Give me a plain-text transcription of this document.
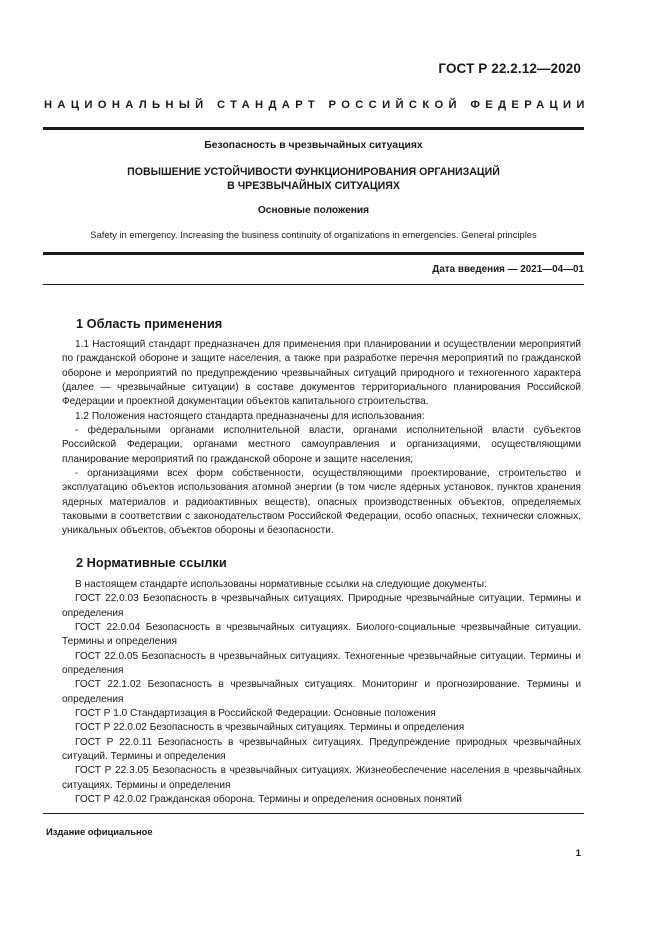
ГОСТ Р 22.2.12—2020
НАЦИОНАЛЬНЫЙ СТАНДАРТ РОССИЙСКОЙ ФЕДЕРАЦИИ
Безопасность в чрезвычайных ситуациях
ПОВЫШЕНИЕ УСТОЙЧИВОСТИ ФУНКЦИОНИРОВАНИЯ ОРГАНИЗАЦИЙ
В ЧРЕЗВЫЧАЙНЫХ СИТУАЦИЯХ
Основные положения
Safety in emergency. Increasing the business continuity of organizations in emergencies. General principles
Дата введения — 2021—04—01
1 Область применения
1.1 Настоящий стандарт предназначен для применения при планировании и осуществлении мероприятий по гражданской обороне и защите населения, а также при разработке перечня мероприятий по гражданской обороне и мероприятий по предупреждению чрезвычайных ситуаций природного и техногенного характера (далее — чрезвычайные ситуации) в составе документов территориального планирования Российской Федерации и проектной документации объектов капитального строительства.
1.2 Положения настоящего стандарта предназначены для использования:
- федеральными органами исполнительной власти, органами исполнительной власти субъектов Российской Федерации, органами местного самоуправления и организациями, осуществляющими планирование мероприятий по гражданской обороне и защите населения;
- организациями всех форм собственности, осуществляющими проектирование, строительство и эксплуатацию объектов использования атомной энергии (в том числе ядерных установок, пунктов хранения ядерных материалов и радиоактивных веществ), опасных производственных объектов, определяемых таковыми в соответствии с законодательством Российской Федерации, особо опасных, технически сложных, уникальных объектов, объектов обороны и безопасности.
2 Нормативные ссылки
В настоящем стандарте использованы нормативные ссылки на следующие документы:
ГОСТ 22.0.03 Безопасность в чрезвычайных ситуациях. Природные чрезвычайные ситуации. Термины и определения
ГОСТ 22.0.04 Безопасность в чрезвычайных ситуациях. Биолого-социальные чрезвычайные ситуации. Термины и определения
ГОСТ 22.0.05 Безопасность в чрезвычайных ситуациях. Техногенные чрезвычайные ситуации. Термины и определения
ГОСТ 22.1.02 Безопасность в чрезвычайных ситуациях. Мониторинг и прогнозирование. Термины и определения
ГОСТ Р 1.0 Стандартизация в Российской Федерации. Основные положения
ГОСТ Р 22.0.02 Безопасность в чрезвычайных ситуациях. Термины и определения
ГОСТ Р 22.0.11 Безопасность в чрезвычайных ситуациях. Предупреждение природных чрезвычайных ситуаций. Термины и определения
ГОСТ Р 22.3.05 Безопасность в чрезвычайных ситуациях. Жизнеобеспечение населения в чрезвычайных ситуациях. Термины и определения
ГОСТ Р 42.0.02 Гражданская оборона. Термины и определения основных понятий
Издание официальное
1
